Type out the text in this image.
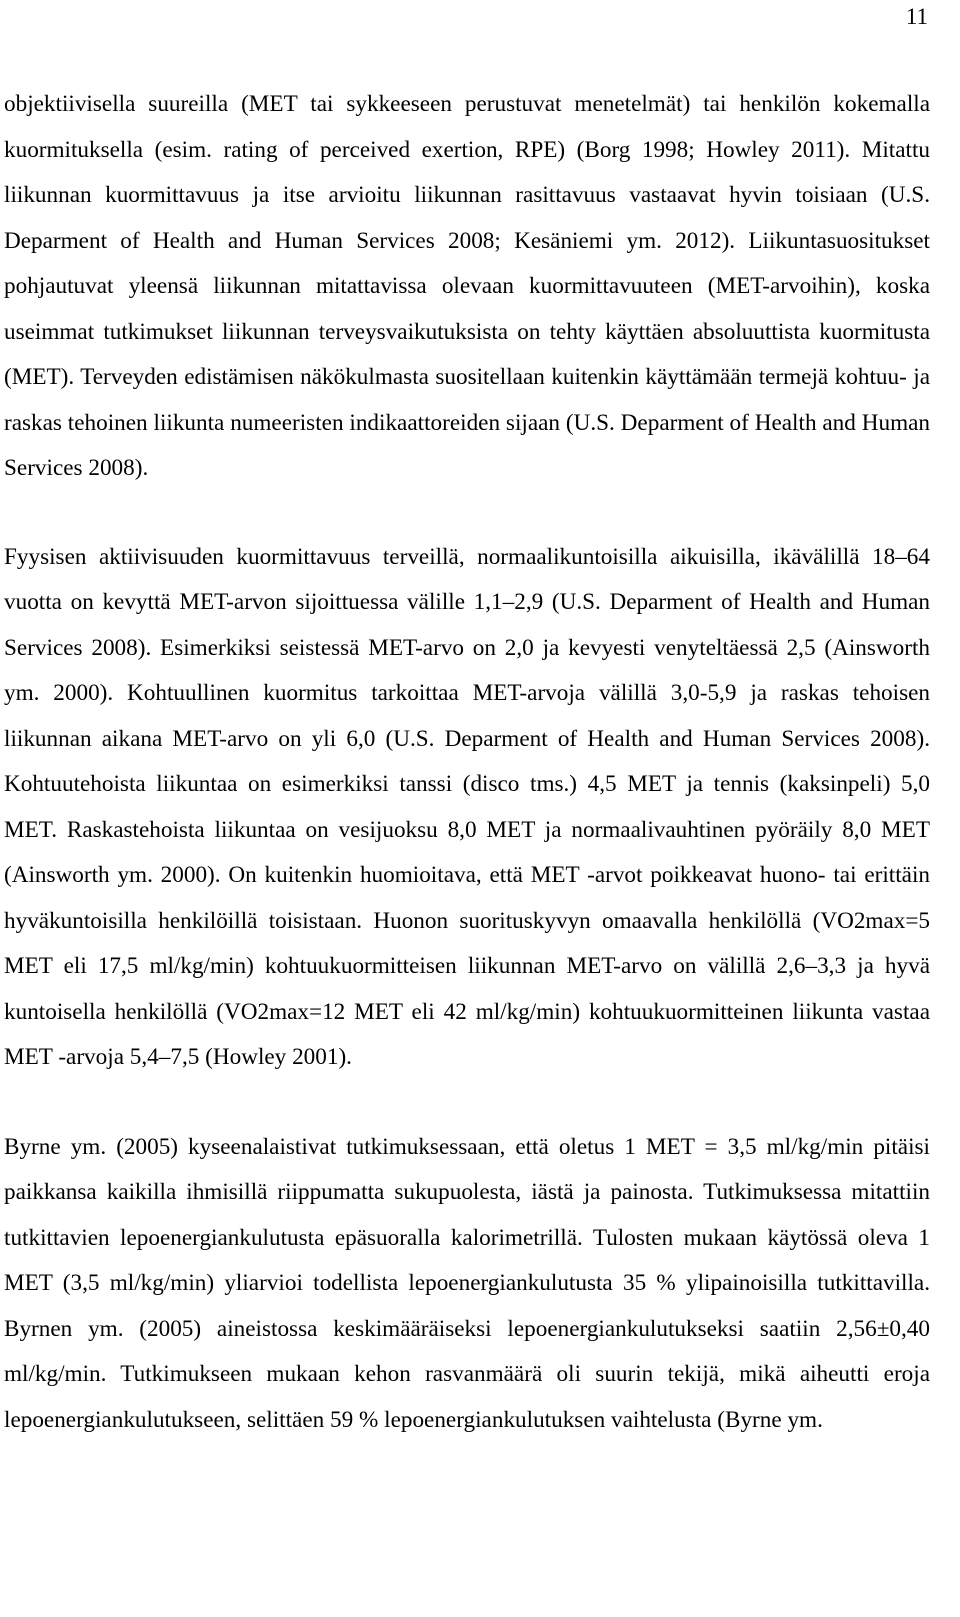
11

objektiivisella suureilla (MET tai sykkeeseen perustuvat menetelmät) tai henkilön kokemalla kuormituksella (esim. rating of perceived exertion, RPE) (Borg 1998; Howley 2011). Mitattu liikunnan kuormittavuus ja itse arvioitu liikunnan rasittavuus vastaavat hyvin toisiaan (U.S. Deparment of Health and Human Services 2008; Kesäniemi ym. 2012). Liikuntasuositukset pohjautuvat yleensä liikunnan mitattavissa olevaan kuormittavuuteen (MET-arvoihin), koska useimmat tutkimukset liikunnan terveysvaikutuksista on tehty käyttäen absoluuttista kuormitusta (MET). Terveyden edistämisen näkökulmasta suositellaan kuitenkin käyttämään termejä kohtuu- ja raskas tehoinen liikunta numeeristen indikaattoreiden sijaan (U.S. Deparment of Health and Human Services 2008).

Fyysisen aktiivisuuden kuormittavuus terveillä, normaalikuntoisilla aikuisilla, ikävälillä 18–64 vuotta on kevyttä MET-arvon sijoittuessa välille 1,1–2,9 (U.S. Deparment of Health and Human Services 2008). Esimerkiksi seistessä MET-arvo on 2,0 ja kevyesti venyteltäessä 2,5 (Ainsworth ym. 2000). Kohtuullinen kuormitus tarkoittaa MET-arvoja välillä 3,0-5,9 ja raskas tehoisen liikunnan aikana MET-arvo on yli 6,0 (U.S. Deparment of Health and Human Services 2008). Kohtuutehoista liikuntaa on esimerkiksi tanssi (disco tms.) 4,5 MET ja tennis (kaksinpeli) 5,0 MET. Raskastehoista liikuntaa on vesijuoksu 8,0 MET ja normaalivauhtinen pyöräily 8,0 MET (Ainsworth ym. 2000). On kuitenkin huomioitava, että MET -arvot poikkeavat huono- tai erittäin hyväkuntoisilla henkilöillä toisistaan. Huonon suorituskyvyn omaavalla henkilöllä (VO2max=5 MET eli 17,5 ml/kg/min) kohtuukuormitteisen liikunnan MET-arvo on välillä 2,6–3,3 ja hyvä kuntoisella henkilöllä (VO2max=12 MET eli 42 ml/kg/min) kohtuukuormitteinen liikunta vastaa MET -arvoja 5,4–7,5 (Howley 2001).

Byrne ym. (2005) kyseenalaistivat tutkimuksessaan, että oletus 1 MET = 3,5 ml/kg/min pitäisi paikkansa kaikilla ihmisillä riippumatta sukupuolesta, iästä ja painosta. Tutkimuksessa mitattiin tutkittavien lepoenergiankulutusta epäsuoralla kalorimetrillä. Tulosten mukaan käytössä oleva 1 MET (3,5 ml/kg/min) yliarvioi todellista lepoenergiankulutusta 35 % ylipainoisilla tutkittavilla. Byrnen ym. (2005) aineistossa keskimääräiseksi lepoenergiankulutukseksi saatiin 2,56±0,40 ml/kg/min. Tutkimukseen mukaan kehon rasvanmäärä oli suurin tekijä, mikä aiheutti eroja lepoenergiankulutukseen, selittäen 59 % lepoenergiankulutuksen vaihtelusta (Byrne ym.
